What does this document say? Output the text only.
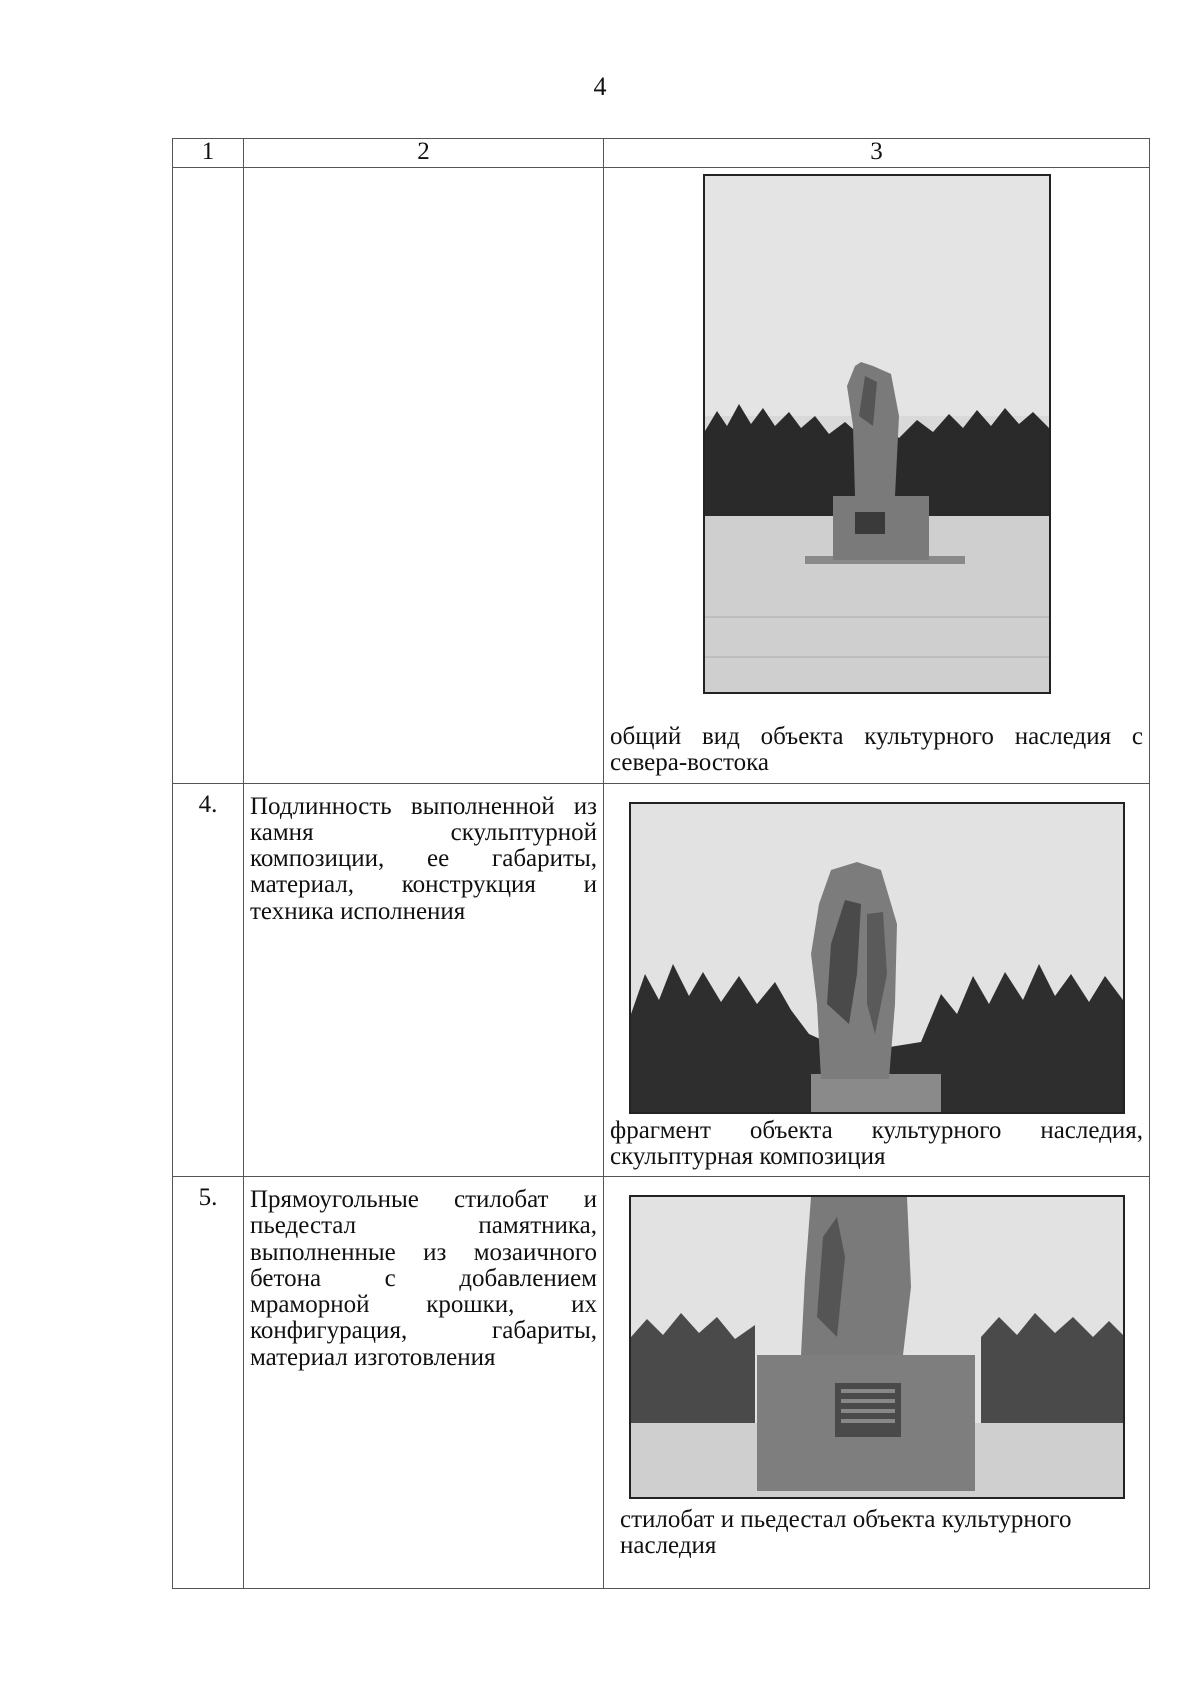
4
1	2	3

		общий вид объекта культурного наследия с севера-востока

4.	Подлинность выполненной из камня скульптурной композиции, ее габариты, материал, конструкция и техника исполнения	фрагмент объекта культурного наследия, скульптурная композиция

5.	Прямоугольные стилобат и пьедестал памятника, выполненные из мозаичного бетона с добавлением мраморной крошки, их конфигурация, габариты, материал изготовления	стилобат и пьедестал объекта культурного наследия
